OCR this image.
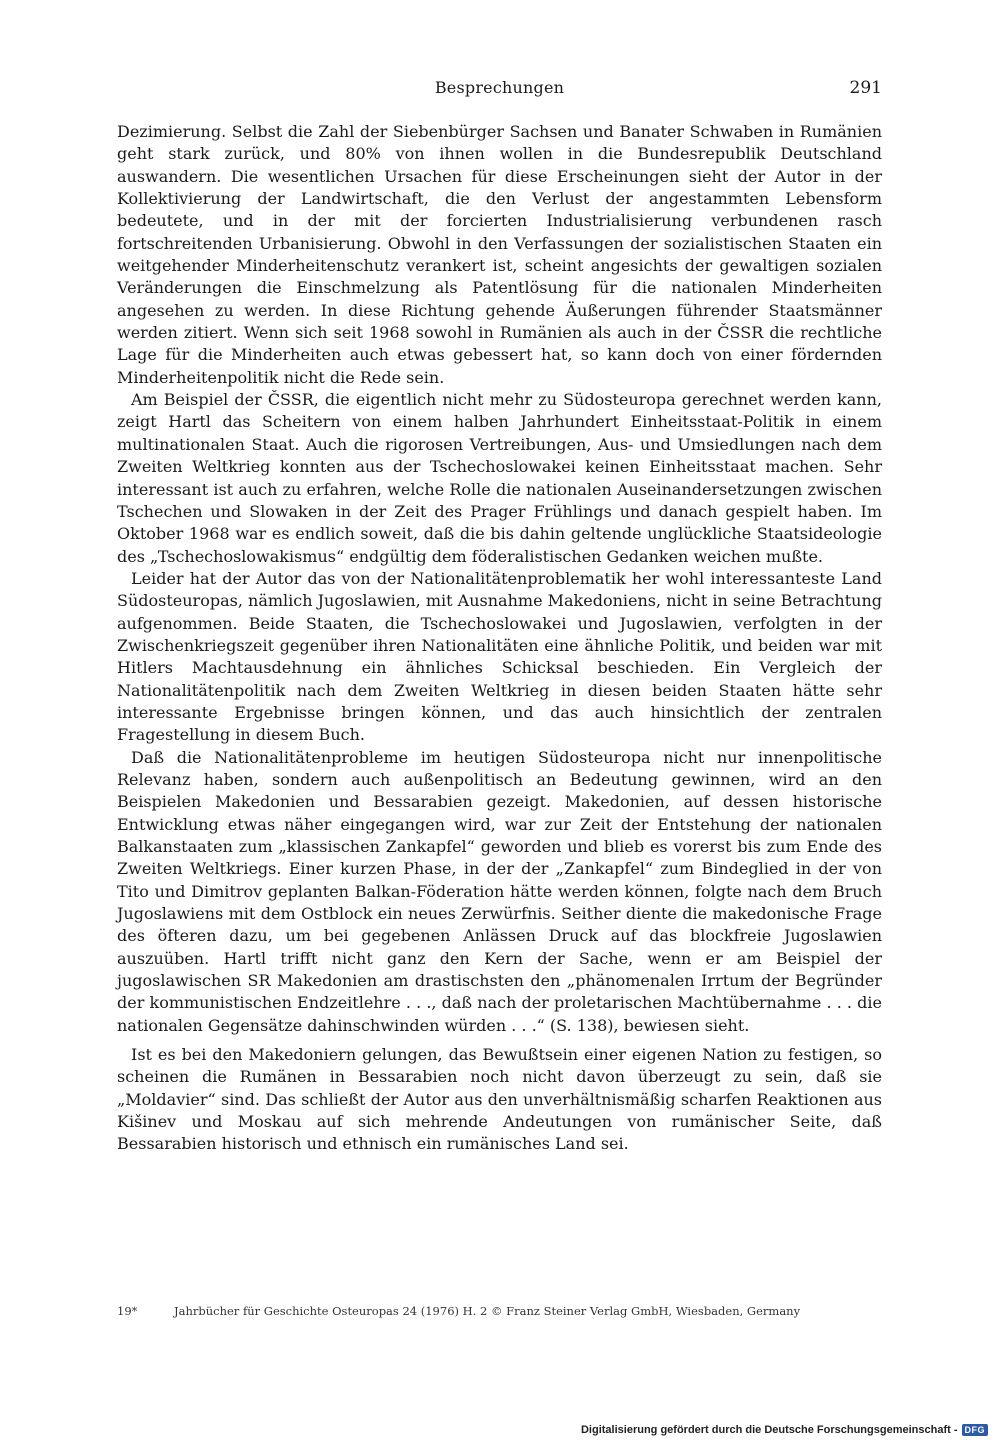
Besprechungen	291

Dezimierung. Selbst die Zahl der Siebenbürger Sachsen und Banater Schwaben in Rumänien geht stark zurück, und 80% von ihnen wollen in die Bundesrepublik Deutschland auswandern. Die wesentlichen Ursachen für diese Erscheinungen sieht der Autor in der Kollektivierung der Landwirtschaft, die den Verlust der angestammten Lebensform bedeutete, und in der mit der forcierten Industrialisierung verbundenen rasch fortschreitenden Urbanisierung. Obwohl in den Verfassungen der sozialistischen Staaten ein weitgehender Minderheitenschutz verankert ist, scheint angesichts der gewaltigen sozialen Veränderungen die Einschmelzung als Patentlösung für die nationalen Minderheiten angesehen zu werden. In diese Richtung gehende Äußerungen führender Staatsmänner werden zitiert. Wenn sich seit 1968 sowohl in Rumänien als auch in der ČSSR die rechtliche Lage für die Minderheiten auch etwas gebessert hat, so kann doch von einer fördernden Minderheitenpolitik nicht die Rede sein.

Am Beispiel der ČSSR, die eigentlich nicht mehr zu Südosteuropa gerechnet werden kann, zeigt Hartl das Scheitern von einem halben Jahrhundert Einheitsstaat-Politik in einem multinationalen Staat. Auch die rigorosen Vertreibungen, Aus- und Umsiedlungen nach dem Zweiten Weltkrieg konnten aus der Tschechoslowakei keinen Einheitsstaat machen. Sehr interessant ist auch zu erfahren, welche Rolle die nationalen Auseinandersetzungen zwischen Tschechen und Slowaken in der Zeit des Prager Frühlings und danach gespielt haben. Im Oktober 1968 war es endlich soweit, daß die bis dahin geltende unglückliche Staatsideologie des „Tschechoslowakismus“ endgültig dem föderalistischen Gedanken weichen mußte.

Leider hat der Autor das von der Nationalitätenproblematik her wohl interessanteste Land Südosteuropas, nämlich Jugoslawien, mit Ausnahme Makedoniens, nicht in seine Betrachtung aufgenommen. Beide Staaten, die Tschechoslowakei und Jugoslawien, verfolgten in der Zwischenkriegszeit gegenüber ihren Nationalitäten eine ähnliche Politik, und beiden war mit Hitlers Machtausdehnung ein ähnliches Schicksal beschieden. Ein Vergleich der Nationalitätenpolitik nach dem Zweiten Weltkrieg in diesen beiden Staaten hätte sehr interessante Ergebnisse bringen können, und das auch hinsichtlich der zentralen Fragestellung in diesem Buch.

Daß die Nationalitätenprobleme im heutigen Südosteuropa nicht nur innenpolitische Relevanz haben, sondern auch außenpolitisch an Bedeutung gewinnen, wird an den Beispielen Makedonien und Bessarabien gezeigt. Makedonien, auf dessen historische Entwicklung etwas näher eingegangen wird, war zur Zeit der Entstehung der nationalen Balkanstaaten zum „klassischen Zankapfel“ geworden und blieb es vorerst bis zum Ende des Zweiten Weltkriegs. Einer kurzen Phase, in der der „Zankapfel“ zum Bindeglied in der von Tito und Dimitrov geplanten Balkan-Föderation hätte werden können, folgte nach dem Bruch Jugoslawiens mit dem Ostblock ein neues Zerwürfnis. Seither diente die makedonische Frage des öfteren dazu, um bei gegebenen Anlässen Druck auf das blockfreie Jugoslawien auszuüben. Hartl trifft nicht ganz den Kern der Sache, wenn er am Beispiel der jugoslawischen SR Makedonien am drastischsten den „phänomenalen Irrtum der Begründer der kommunistischen Endzeitlehre . . ., daß nach der proletarischen Machtübernahme . . . die nationalen Gegensätze dahinschwinden würden . . .“ (S. 138), bewiesen sieht.

Ist es bei den Makedoniern gelungen, das Bewußtsein einer eigenen Nation zu festigen, so scheinen die Rumänen in Bessarabien noch nicht davon überzeugt zu sein, daß sie „Moldavier“ sind. Das schließt der Autor aus den unverhältnismäßig scharfen Reaktionen aus Kišinev und Moskau auf sich mehrende Andeutungen von rumänischer Seite, daß Bessarabien historisch und ethnisch ein rumänisches Land sei.

19*	Jahrbücher für Geschichte Osteuropas 24 (1976) H. 2 © Franz Steiner Verlag GmbH, Wiesbaden, Germany
Digitalisierung gefördert durch die Deutsche Forschungsgemeinschaft - DFG
